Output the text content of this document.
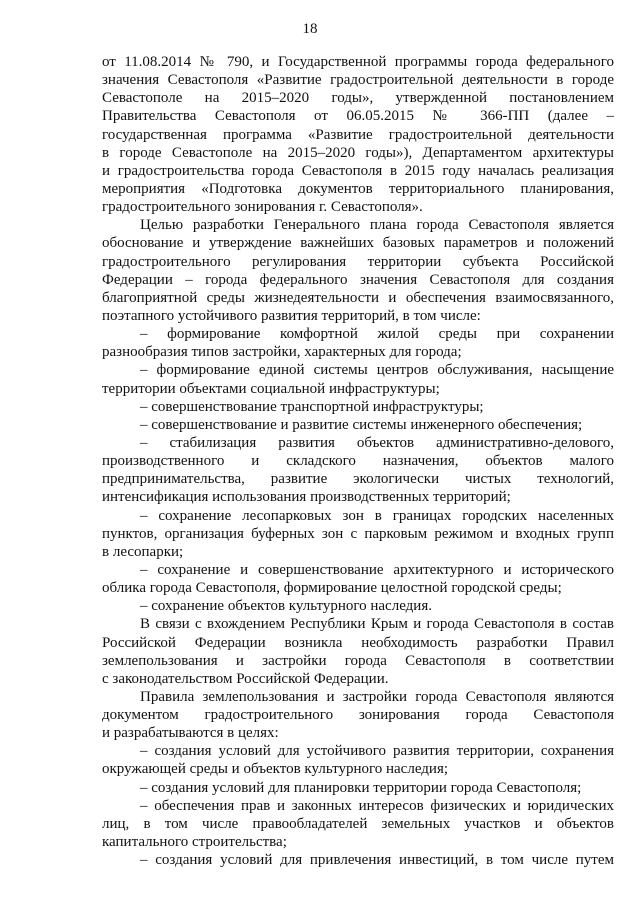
18
от 11.08.2014 № 790, и Государственной программы города федерального
значения Севастополя «Развитие градостроительной деятельности в городе
Севастополе на 2015–2020 годы», утвержденной постановлением
Правительства Севастополя от 06.05.2015 № 366-ПП (далее –
государственная программа «Развитие градостроительной деятельности
в городе Севастополе на 2015–2020 годы»), Департаментом архитектуры
и градостроительства города Севастополя в 2015 году началась реализация
мероприятия «Подготовка документов территориального планирования,
градостроительного зонирования г. Севастополя».
Целью разработки Генерального плана города Севастополя является
обоснование и утверждение важнейших базовых параметров и положений
градостроительного регулирования территории субъекта Российской
Федерации – города федерального значения Севастополя для создания
благоприятной среды жизнедеятельности и обеспечения взаимосвязанного,
поэтапного устойчивого развития территорий, в том числе:
– формирование комфортной жилой среды при сохранении
разнообразия типов застройки, характерных для города;
– формирование единой системы центров обслуживания, насыщение
территории объектами социальной инфраструктуры;
– совершенствование транспортной инфраструктуры;
– совершенствование и развитие системы инженерного обеспечения;
– стабилизация развития объектов административно-делового,
производственного и складского назначения, объектов малого
предпринимательства, развитие экологически чистых технологий,
интенсификация использования производственных территорий;
– сохранение лесопарковых зон в границах городских населенных
пунктов, организация буферных зон с парковым режимом и входных групп
в лесопарки;
– сохранение и совершенствование архитектурного и исторического
облика города Севастополя, формирование целостной городской среды;
– сохранение объектов культурного наследия.
В связи с вхождением Республики Крым и города Севастополя в состав
Российской Федерации возникла необходимость разработки Правил
землепользования и застройки города Севастополя в соответствии
с законодательством Российской Федерации.
Правила землепользования и застройки города Севастополя являются
документом градостроительного зонирования города Севастополя
и разрабатываются в целях:
– создания условий для устойчивого развития территории, сохранения
окружающей среды и объектов культурного наследия;
– создания условий для планировки территории города Севастополя;
– обеспечения прав и законных интересов физических и юридических
лиц, в том числе правообладателей земельных участков и объектов
капитального строительства;
– создания условий для привлечения инвестиций, в том числе путем
